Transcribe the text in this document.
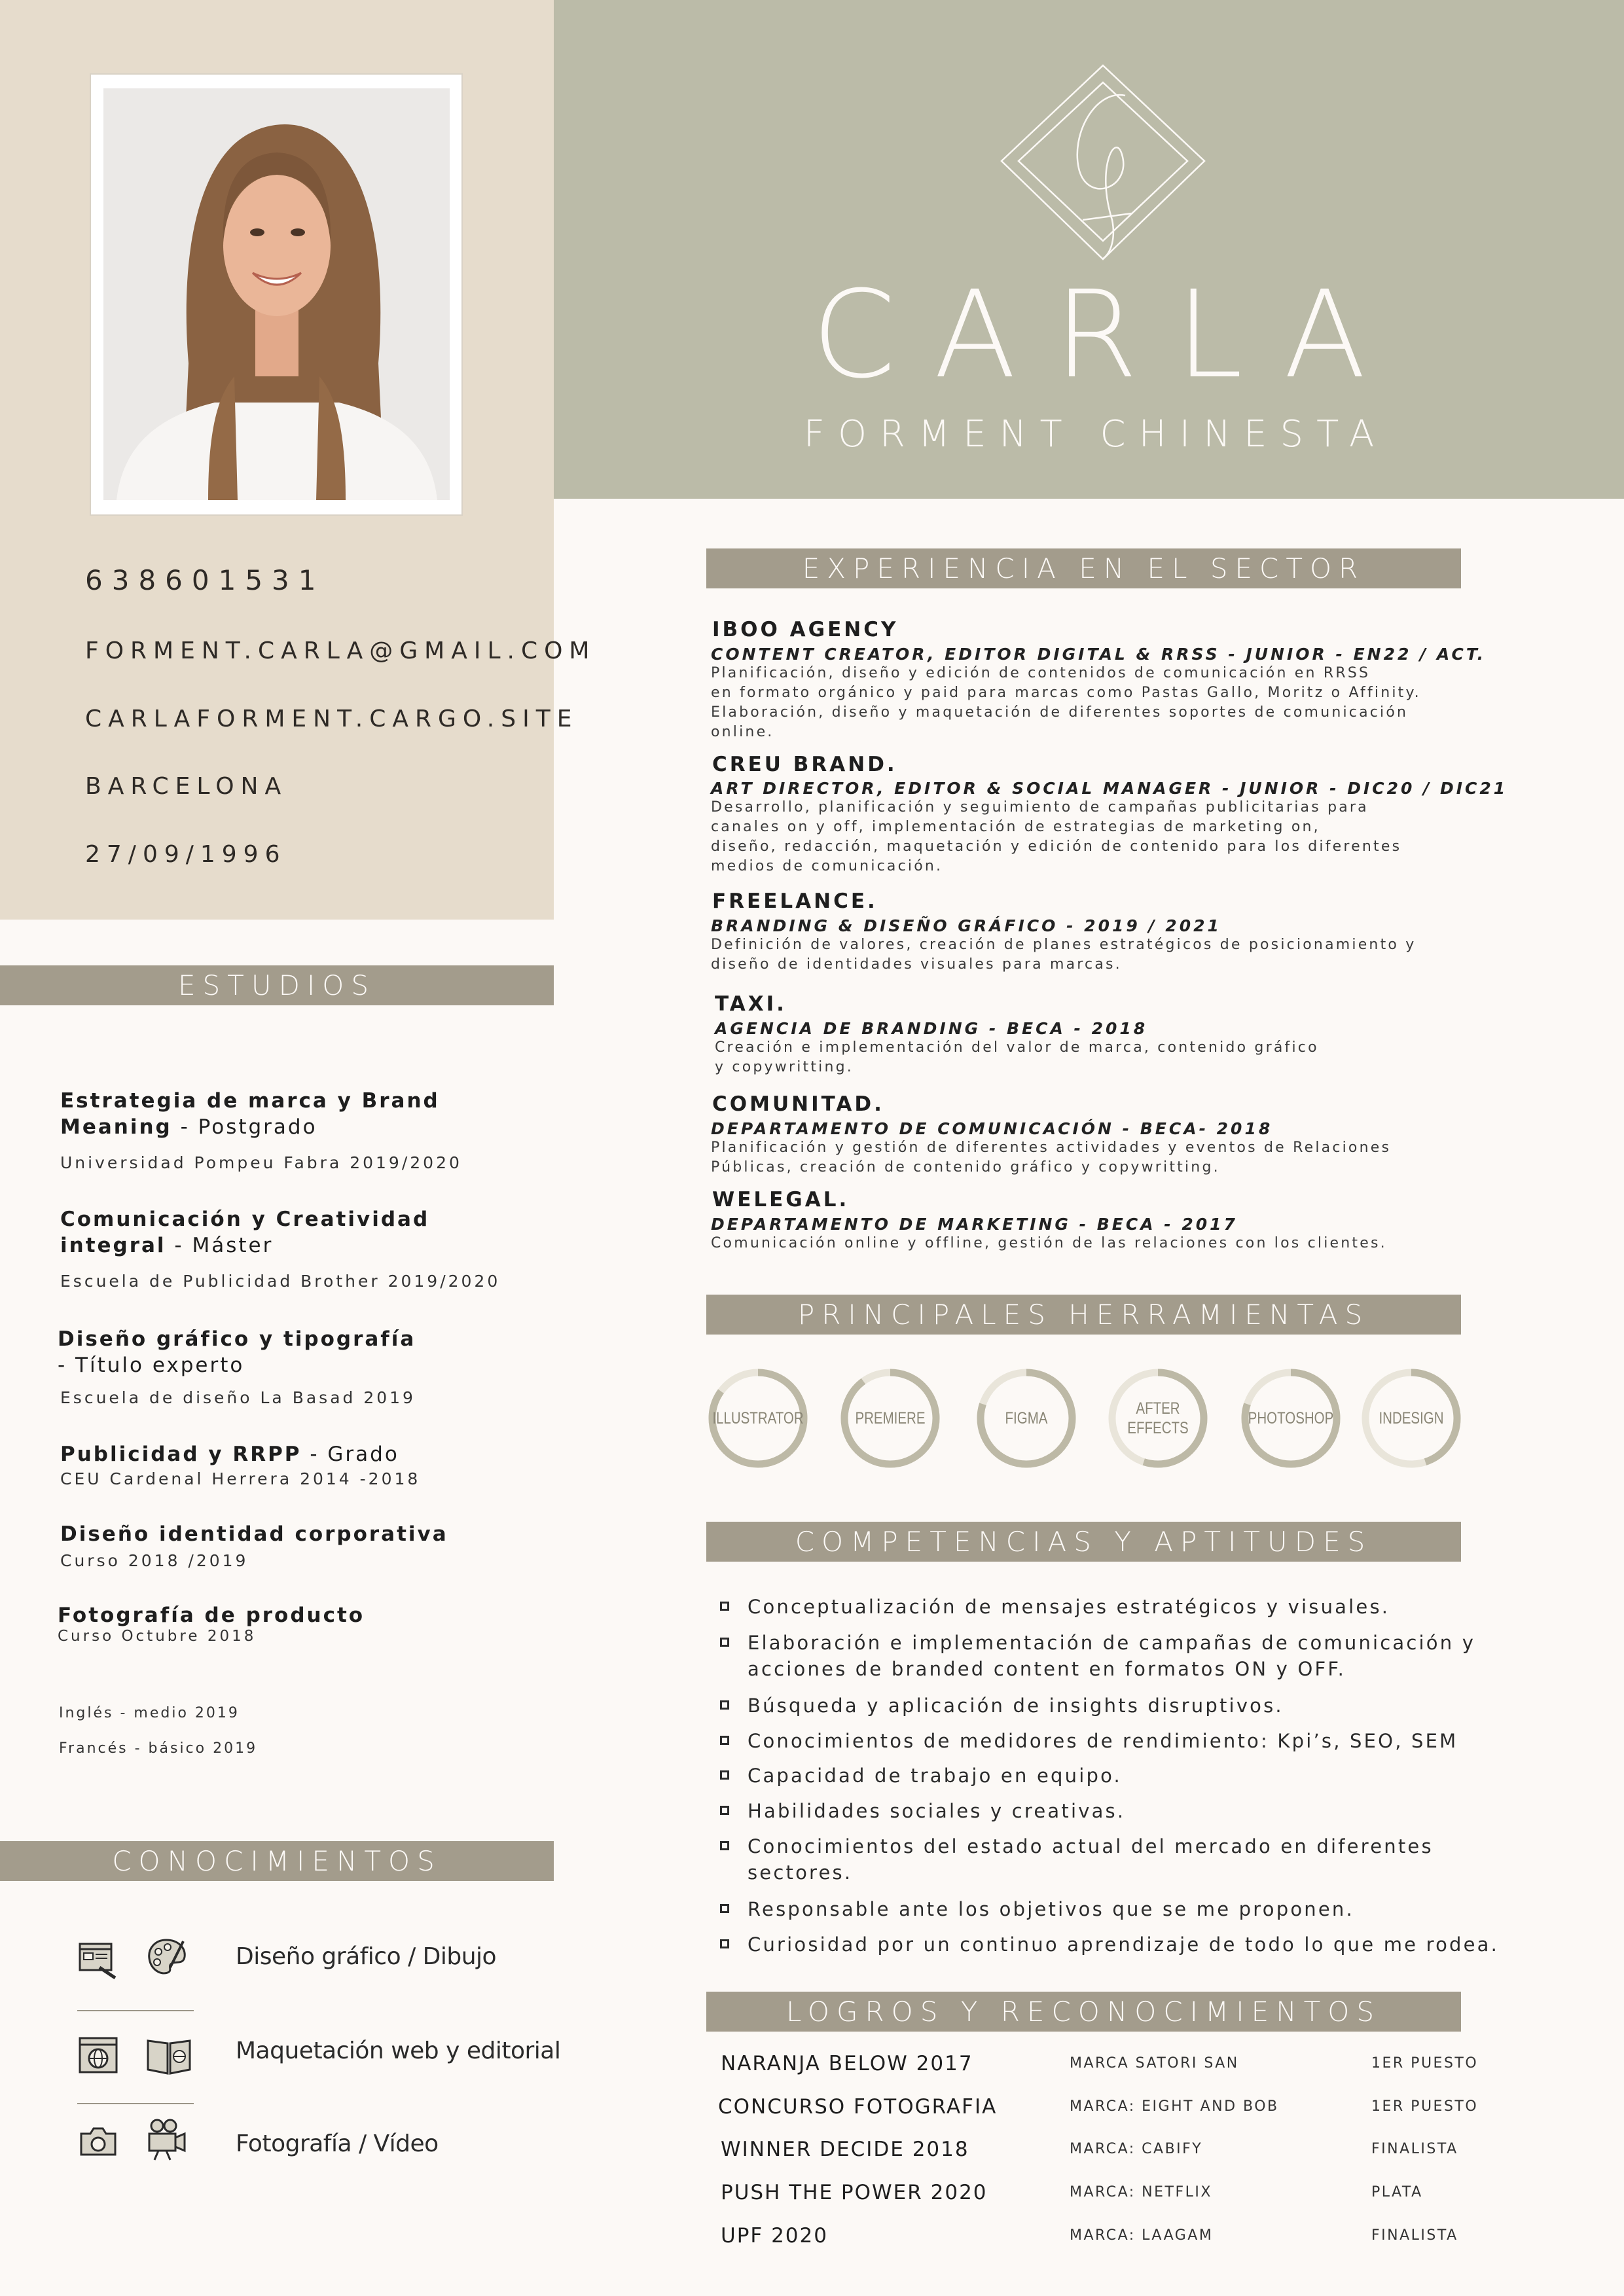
638601531
FORMENT.CARLA@GMAIL.COM
CARLAFORMENT.CARGO.SITE
BARCELONA
27/09/1996
CARLA
FORMENT CHINESTA
ESTUDIOS
CONOCIMIENTOS
EXPERIENCIA EN EL SECTOR
PRINCIPALES HERRAMIENTAS
COMPETENCIAS Y APTITUDES
LOGROS Y RECONOCIMIENTOS
Estrategia de marca y Brand
Meaning - Postgrado
Universidad Pompeu Fabra 2019/2020
Comunicación y Creatividad
integral - Máster
Escuela de Publicidad Brother 2019/2020
Diseño gráfico y tipografía
- Título experto
Escuela de diseño La Basad 2019
Publicidad y RRPP - Grado
CEU Cardenal Herrera 2014 -2018
Diseño identidad corporativa
Curso 2018 /2019
Fotografía de producto
Curso Octubre 2018
Inglés - medio 2019
Francés - básico 2019
Diseño gráfico / Dibujo
Maquetación web y editorial
Fotografía / Vídeo
IBOO AGENCY
CONTENT CREATOR, EDITOR DIGITAL & RRSS - JUNIOR - EN22 / ACT.
Planificación, diseño y edición de contenidos de comunicación en RRSS
en formato orgánico y paid para marcas como Pastas Gallo, Moritz o Affinity.
Elaboración, diseño y maquetación de diferentes soportes de comunicación
online.
CREU BRAND.
ART DIRECTOR, EDITOR & SOCIAL MANAGER - JUNIOR - DIC20 / DIC21
Desarrollo, planificación y seguimiento de campañas publicitarias para
canales on y off, implementación de estrategias de marketing on,
diseño, redacción, maquetación y edición de contenido para los diferentes
medios de comunicación.
FREELANCE.
BRANDING & DISEÑO GRÁFICO - 2019 / 2021
Definición de valores, creación de planes estratégicos de posicionamiento y
diseño de identidades visuales para marcas.
TAXI.
AGENCIA DE BRANDING - BECA - 2018
Creación e implementación del valor de marca, contenido gráfico
y copywritting.
COMUNITAD.
DEPARTAMENTO DE COMUNICACIÓN - BECA- 2018
Planificación y gestión de diferentes actividades y eventos de Relaciones
Públicas, creación de contenido gráfico y copywritting.
WELEGAL.
DEPARTAMENTO DE MARKETING - BECA - 2017
Comunicación online y offline, gestión de las relaciones con los clientes.
ILLUSTRATOR	PREMIERE	FIGMA
AFTER
EFFECTS
PHOTOSHOP	INDESIGN
Conceptualización de mensajes estratégicos y visuales.
Elaboración e implementación de campañas de comunicación y
acciones de branded content en formatos ON y OFF.
Búsqueda y aplicación de insights disruptivos.
Conocimientos de medidores de rendimiento: Kpi’s, SEO, SEM
Capacidad de trabajo en equipo.
Habilidades sociales y creativas.
Conocimientos del estado actual del mercado en diferentes
sectores.
Responsable ante los objetivos que se me proponen.
Curiosidad por un continuo aprendizaje de todo lo que me rodea.
NARANJA BELOW 2017	MARCA SATORI SAN	1ER PUESTO
CONCURSO FOTOGRAFIA	MARCA: EIGHT AND BOB	1ER PUESTO
WINNER DECIDE 2018	MARCA: CABIFY	FINALISTA
PUSH THE POWER 2020	MARCA: NETFLIX	PLATA
UPF 2020	MARCA: LAAGAM	FINALISTA
